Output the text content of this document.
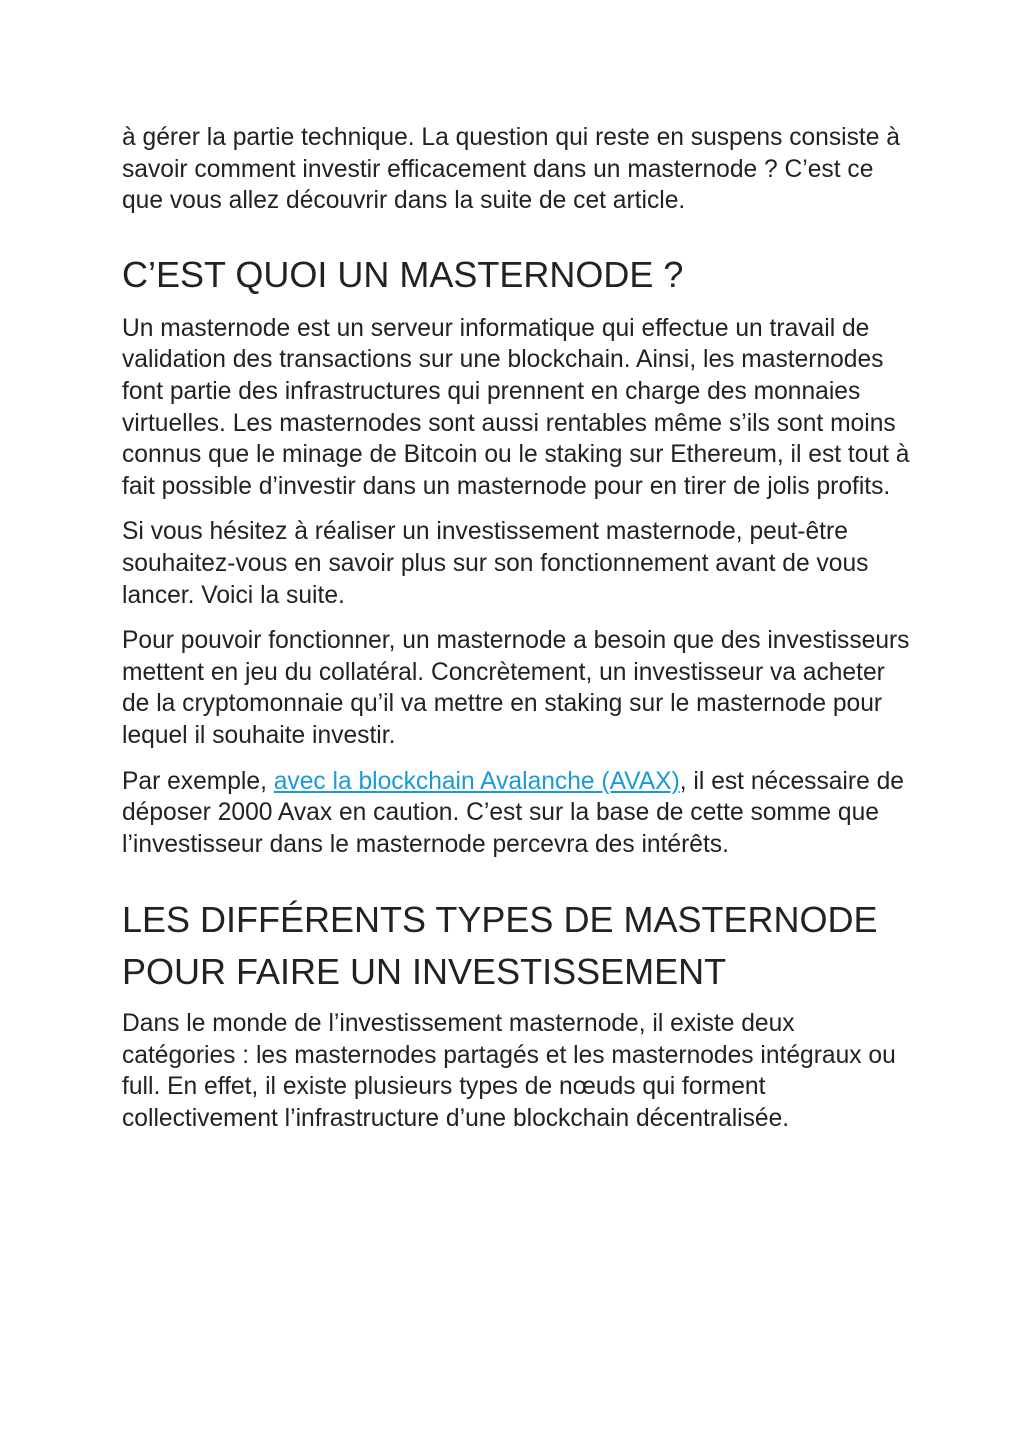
à gérer la partie technique. La question qui reste en suspens consiste à savoir comment investir efficacement dans un masternode ? C’est ce que vous allez découvrir dans la suite de cet article.

C’EST QUOI UN MASTERNODE ?

Un masternode est un serveur informatique qui effectue un travail de validation des transactions sur une blockchain. Ainsi, les masternodes font partie des infrastructures qui prennent en charge des monnaies virtuelles. Les masternodes sont aussi rentables même s’ils sont moins connus que le minage de Bitcoin ou le staking sur Ethereum, il est tout à fait possible d’investir dans un masternode pour en tirer de jolis profits.

Si vous hésitez à réaliser un investissement masternode, peut-être souhaitez-vous en savoir plus sur son fonctionnement avant de vous lancer. Voici la suite.

Pour pouvoir fonctionner, un masternode a besoin que des investisseurs mettent en jeu du collatéral. Concrètement, un investisseur va acheter de la cryptomonnaie qu’il va mettre en staking sur le masternode pour lequel il souhaite investir.

Par exemple, avec la blockchain Avalanche (AVAX), il est nécessaire de déposer 2000 Avax en caution. C’est sur la base de cette somme que l’investisseur dans le masternode percevra des intérêts.

LES DIFFÉRENTS TYPES DE MASTERNODE POUR FAIRE UN INVESTISSEMENT

Dans le monde de l’investissement masternode, il existe deux catégories : les masternodes partagés et les masternodes intégraux ou full. En effet, il existe plusieurs types de nœuds qui forment collectivement l’infrastructure d’une blockchain décentralisée.
